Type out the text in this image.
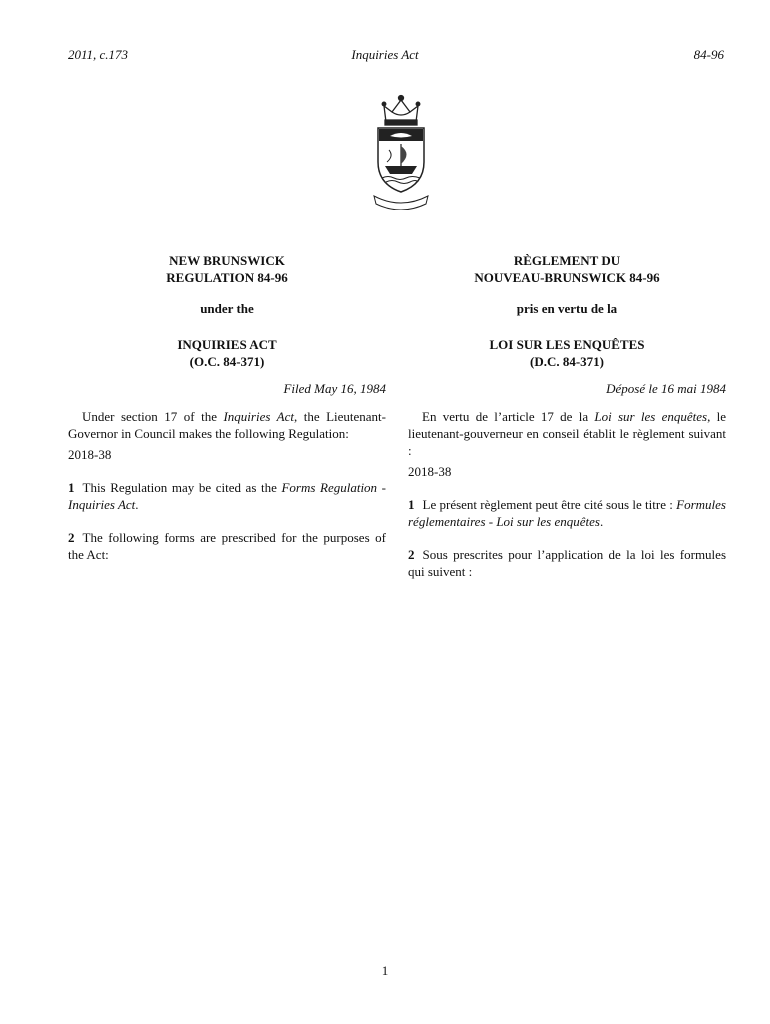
2011, c.173	Inquiries Act	84-96
NEW BRUNSWICK
REGULATION 84-96
under the
INQUIRIES ACT
(O.C. 84-371)
Filed May 16, 1984
Under section 17 of the Inquiries Act, the Lieutenant-Governor in Council makes the following Regulation:
2018-38
1 This Regulation may be cited as the Forms Regulation - Inquiries Act.
2 The following forms are prescribed for the purposes of the Act:
RÈGLEMENT DU
NOUVEAU-BRUNSWICK 84-96
pris en vertu de la
LOI SUR LES ENQUÊTES
(D.C. 84-371)
Déposé le 16 mai 1984
En vertu de l’article 17 de la Loi sur les enquêtes, le lieutenant-gouverneur en conseil établit le règlement suivant :
2018-38
1 Le présent règlement peut être cité sous le titre : Formules réglementaires - Loi sur les enquêtes.
2 Sous prescrites pour l’application de la loi les formules qui suivent :
1
